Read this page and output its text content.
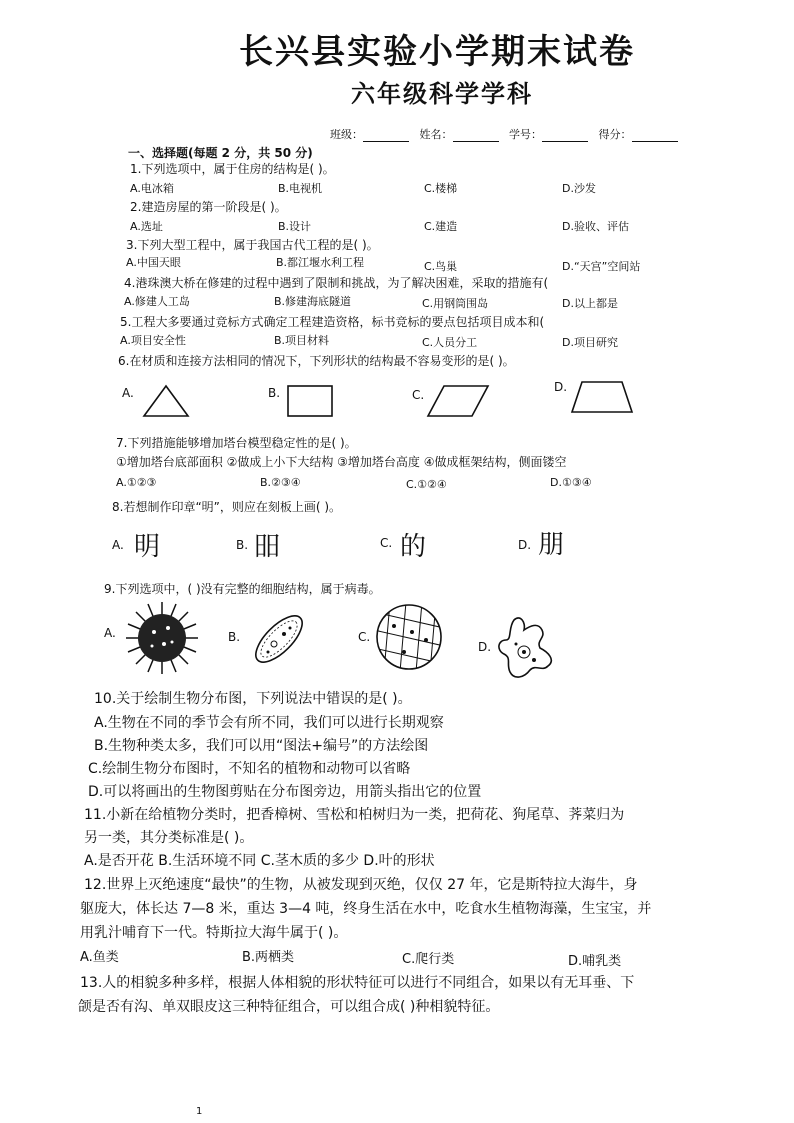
长兴县实验小学期末试卷
六年级科学学科
班级：	姓名：	学号：	得分：
一、选择题(每题 2 分，共 50 分)
1.下列选项中，属于住房的结构是( )。
A.电冰箱	B.电视机	C.楼梯	D.沙发
2.建造房屋的第一阶段是( )。
A.选址	B.设计	C.建造	D.验收、评估
3.下列大型工程中，属于我国古代工程的是( )。
A.中国天眼	B.都江堰水利工程	C.鸟巢	D.“天宫”空间站
4.港珠澳大桥在修建的过程中遇到了限制和挑战，为了解决困难，采取的措施有(
A.修建人工岛	B.修建海底隧道	C.用钢筒围岛	D.以上都是
5.工程大多要通过竞标方式确定工程建造资格，标书竞标的要点包括项目成本和(
A.项目安全性	B.项目材料	C.人员分工	D.项目研究
6.在材质和连接方法相同的情况下，下列形状的结构最不容易变形的是( )。
A.	B.	C.
D.
7.下列措施能够增加塔台模型稳定性的是( )。
①增加塔台底部面积 ②做成上小下大结构 ③增加塔台高度 ④做成框架结构，侧面镂空
A.①②③	B.②③④	C.①②④	D.①③④
8.若想制作印章“明”，则应在刻板上画( )。
A. 明	B. 昍	C. 的	D. 朋
9.下列选项中，( )没有完整的细胞结构，属于病毒。
A.	B.	C.
D.
10.关于绘制生物分布图，下列说法中错误的是( )。
A.生物在不同的季节会有所不同，我们可以进行长期观察
B.生物种类太多，我们可以用“图法+编号”的方法绘图
C.绘制生物分布图时，不知名的植物和动物可以省略
D.可以将画出的生物图剪贴在分布图旁边，用箭头指出它的位置
11.小新在给植物分类时，把香樟树、雪松和柏树归为一类，把荷花、狗尾草、荠菜归为
另一类，其分类标准是( )。
A.是否开花 B.生活环境不同 C.茎木质的多少 D.叶的形状
12.世界上灭绝速度“最快”的生物，从被发现到灭绝，仅仅 27 年，它是斯特拉大海牛，身
躯庞大，体长达 7—8 米，重达 3—4 吨，终身生活在水中，吃食水生植物海藻，生宝宝，并
用乳汁哺育下一代。特斯拉大海牛属于( )。
A.鱼类	B.两栖类	C.爬行类	D.哺乳类
13.人的相貌多种多样，根据人体相貌的形状特征可以进行不同组合，如果以有无耳垂、下
颌是否有沟、单双眼皮这三种特征组合，可以组合成( )种相貌特征。
1
